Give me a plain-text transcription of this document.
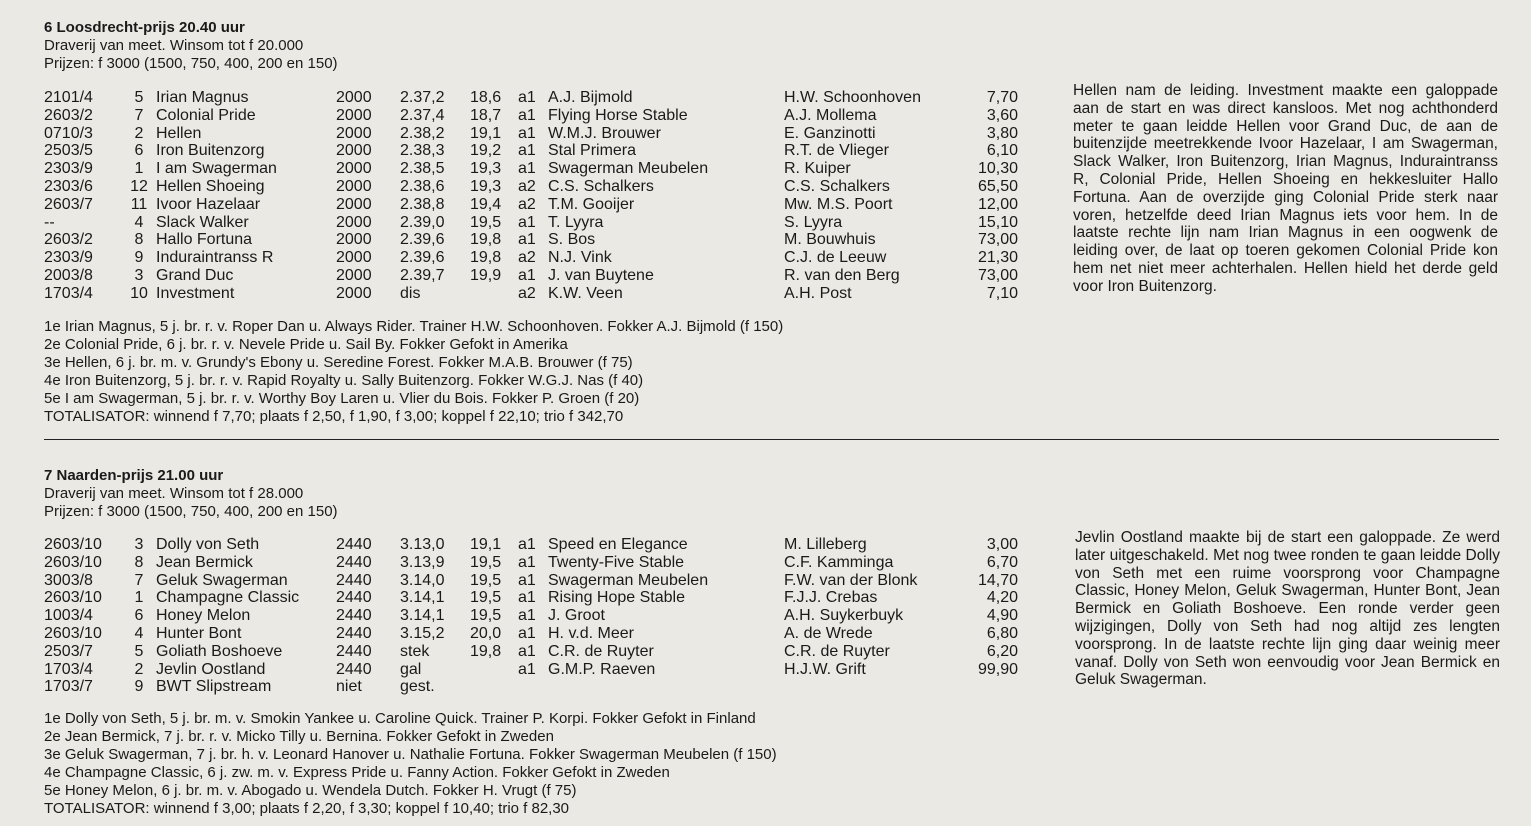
6 Loosdrecht-prijs 20.40 uur

Draverij van meet. Winsom tot f 20.000

Prijzen: f 3000 (1500, 750, 400, 200 en 150)

2101/4	5	Irian Magnus	2000	2.37,2	18,6	a1	A.J. Bijmold	H.W. Schoonhoven	7,70
2603/2	7	Colonial Pride	2000	2.37,4	18,7	a1	Flying Horse Stable	A.J. Mollema	3,60
0710/3	2	Hellen	2000	2.38,2	19,1	a1	W.M.J. Brouwer	E. Ganzinotti	3,80
2503/5	6	Iron Buitenzorg	2000	2.38,3	19,2	a1	Stal Primera	R.T. de Vlieger	6,10
2303/9	1	I am Swagerman	2000	2.38,5	19,3	a1	Swagerman Meubelen	R. Kuiper	10,30
2303/6	12	Hellen Shoeing	2000	2.38,6	19,3	a2	C.S. Schalkers	C.S. Schalkers	65,50
2603/7	11	Ivoor Hazelaar	2000	2.38,8	19,4	a2	T.M. Gooijer	Mw. M.S. Poort	12,00
--	4	Slack Walker	2000	2.39,0	19,5	a1	T. Lyyra	S. Lyyra	15,10
2603/2	8	Hallo Fortuna	2000	2.39,6	19,8	a1	S. Bos	M. Bouwhuis	73,00
2303/9	9	Induraintranss R	2000	2.39,6	19,8	a2	N.J. Vink	C.J. de Leeuw	21,30
2003/8	3	Grand Duc	2000	2.39,7	19,9	a1	J. van Buytene	R. van den Berg	73,00
1703/4	10	Investment	2000	dis		a2	K.W. Veen	A.H. Post	7,10
Hellen nam de leiding. Investment maakte een galoppade aan de start en was direct kansloos. Met nog achthonderd meter te gaan leidde Hellen voor Grand Duc, de aan de buitenzijde meetrekkende Ivoor Hazelaar, I am Swagerman, Slack Walker, Iron Buitenzorg, Irian Magnus, Induraintranss R, Colonial Pride, Hellen Shoeing en hekkesluiter Hallo Fortuna. Aan de overzijde ging Colonial Pride sterk naar voren, hetzelfde deed Irian Magnus iets voor hem. In de laatste rechte lijn nam Irian Magnus in een oogwenk de leiding over, de laat op toeren gekomen Colonial Pride kon hem net niet meer achterhalen. Hellen hield het derde geld voor Iron Buitenzorg.
1e Irian Magnus, 5 j. br. r. v. Roper Dan u. Always Rider. Trainer H.W. Schoonhoven. Fokker A.J. Bijmold (f 150)
2e Colonial Pride, 6 j. br. r. v. Nevele Pride u. Sail By. Fokker Gefokt in Amerika
3e Hellen, 6 j. br. m. v. Grundy's Ebony u. Seredine Forest. Fokker M.A.B. Brouwer (f 75)
4e Iron Buitenzorg, 5 j. br. r. v. Rapid Royalty u. Sally Buitenzorg. Fokker W.G.J. Nas (f 40)
5e I am Swagerman, 5 j. br. r. v. Worthy Boy Laren u. Vlier du Bois. Fokker P. Groen (f 20)
TOTALISATOR: winnend f 7,70; plaats f 2,50, f 1,90, f 3,00; koppel f 22,10; trio f 342,70

7 Naarden-prijs 21.00 uur

Draverij van meet. Winsom tot f 28.000

Prijzen: f 3000 (1500, 750, 400, 200 en 150)

2603/10	3	Dolly von Seth	2440	3.13,0	19,1	a1	Speed en Elegance	M. Lilleberg	3,00
2603/10	8	Jean Bermick	2440	3.13,9	19,5	a1	Twenty-Five Stable	C.F. Kamminga	6,70
3003/8	7	Geluk Swagerman	2440	3.14,0	19,5	a1	Swagerman Meubelen	F.W. van der Blonk	14,70
2603/10	1	Champagne Classic	2440	3.14,1	19,5	a1	Rising Hope Stable	F.J.J. Crebas	4,20
1003/4	6	Honey Melon	2440	3.14,1	19,5	a1	J. Groot	A.H. Suykerbuyk	4,90
2603/10	4	Hunter Bont	2440	3.15,2	20,0	a1	H. v.d. Meer	A. de Wrede	6,80
2503/7	5	Goliath Boshoeve	2440	stek	19,8	a1	C.R. de Ruyter	C.R. de Ruyter	6,20
1703/4	2	Jevlin Oostland	2440	gal		a1	G.M.P. Raeven	H.J.W. Grift	99,90
1703/7	9	BWT Slipstream	niet	gest.					
Jevlin Oostland maakte bij de start een galoppade. Ze werd later uitgeschakeld. Met nog twee ronden te gaan leidde Dolly von Seth met een ruime voorsprong voor Champagne Classic, Honey Melon, Geluk Swagerman, Hunter Bont, Jean Bermick en Goliath Boshoeve. Een ronde verder geen wijzigingen, Dolly von Seth had nog altijd zes lengten voorsprong. In de laatste rechte lijn ging daar weinig meer vanaf. Dolly von Seth won eenvoudig voor Jean Bermick en Geluk Swagerman.
1e Dolly von Seth, 5 j. br. m. v. Smokin Yankee u. Caroline Quick. Trainer P. Korpi. Fokker Gefokt in Finland
2e Jean Bermick, 7 j. br. r. v. Micko Tilly u. Bernina. Fokker Gefokt in Zweden
3e Geluk Swagerman, 7 j. br. h. v. Leonard Hanover u. Nathalie Fortuna. Fokker Swagerman Meubelen (f 150)
4e Champagne Classic, 6 j. zw. m. v. Express Pride u. Fanny Action. Fokker Gefokt in Zweden
5e Honey Melon, 6 j. br. m. v. Abogado u. Wendela Dutch. Fokker H. Vrugt (f 75)
TOTALISATOR: winnend f 3,00; plaats f 2,20, f 3,30; koppel f 10,40; trio f 82,30
